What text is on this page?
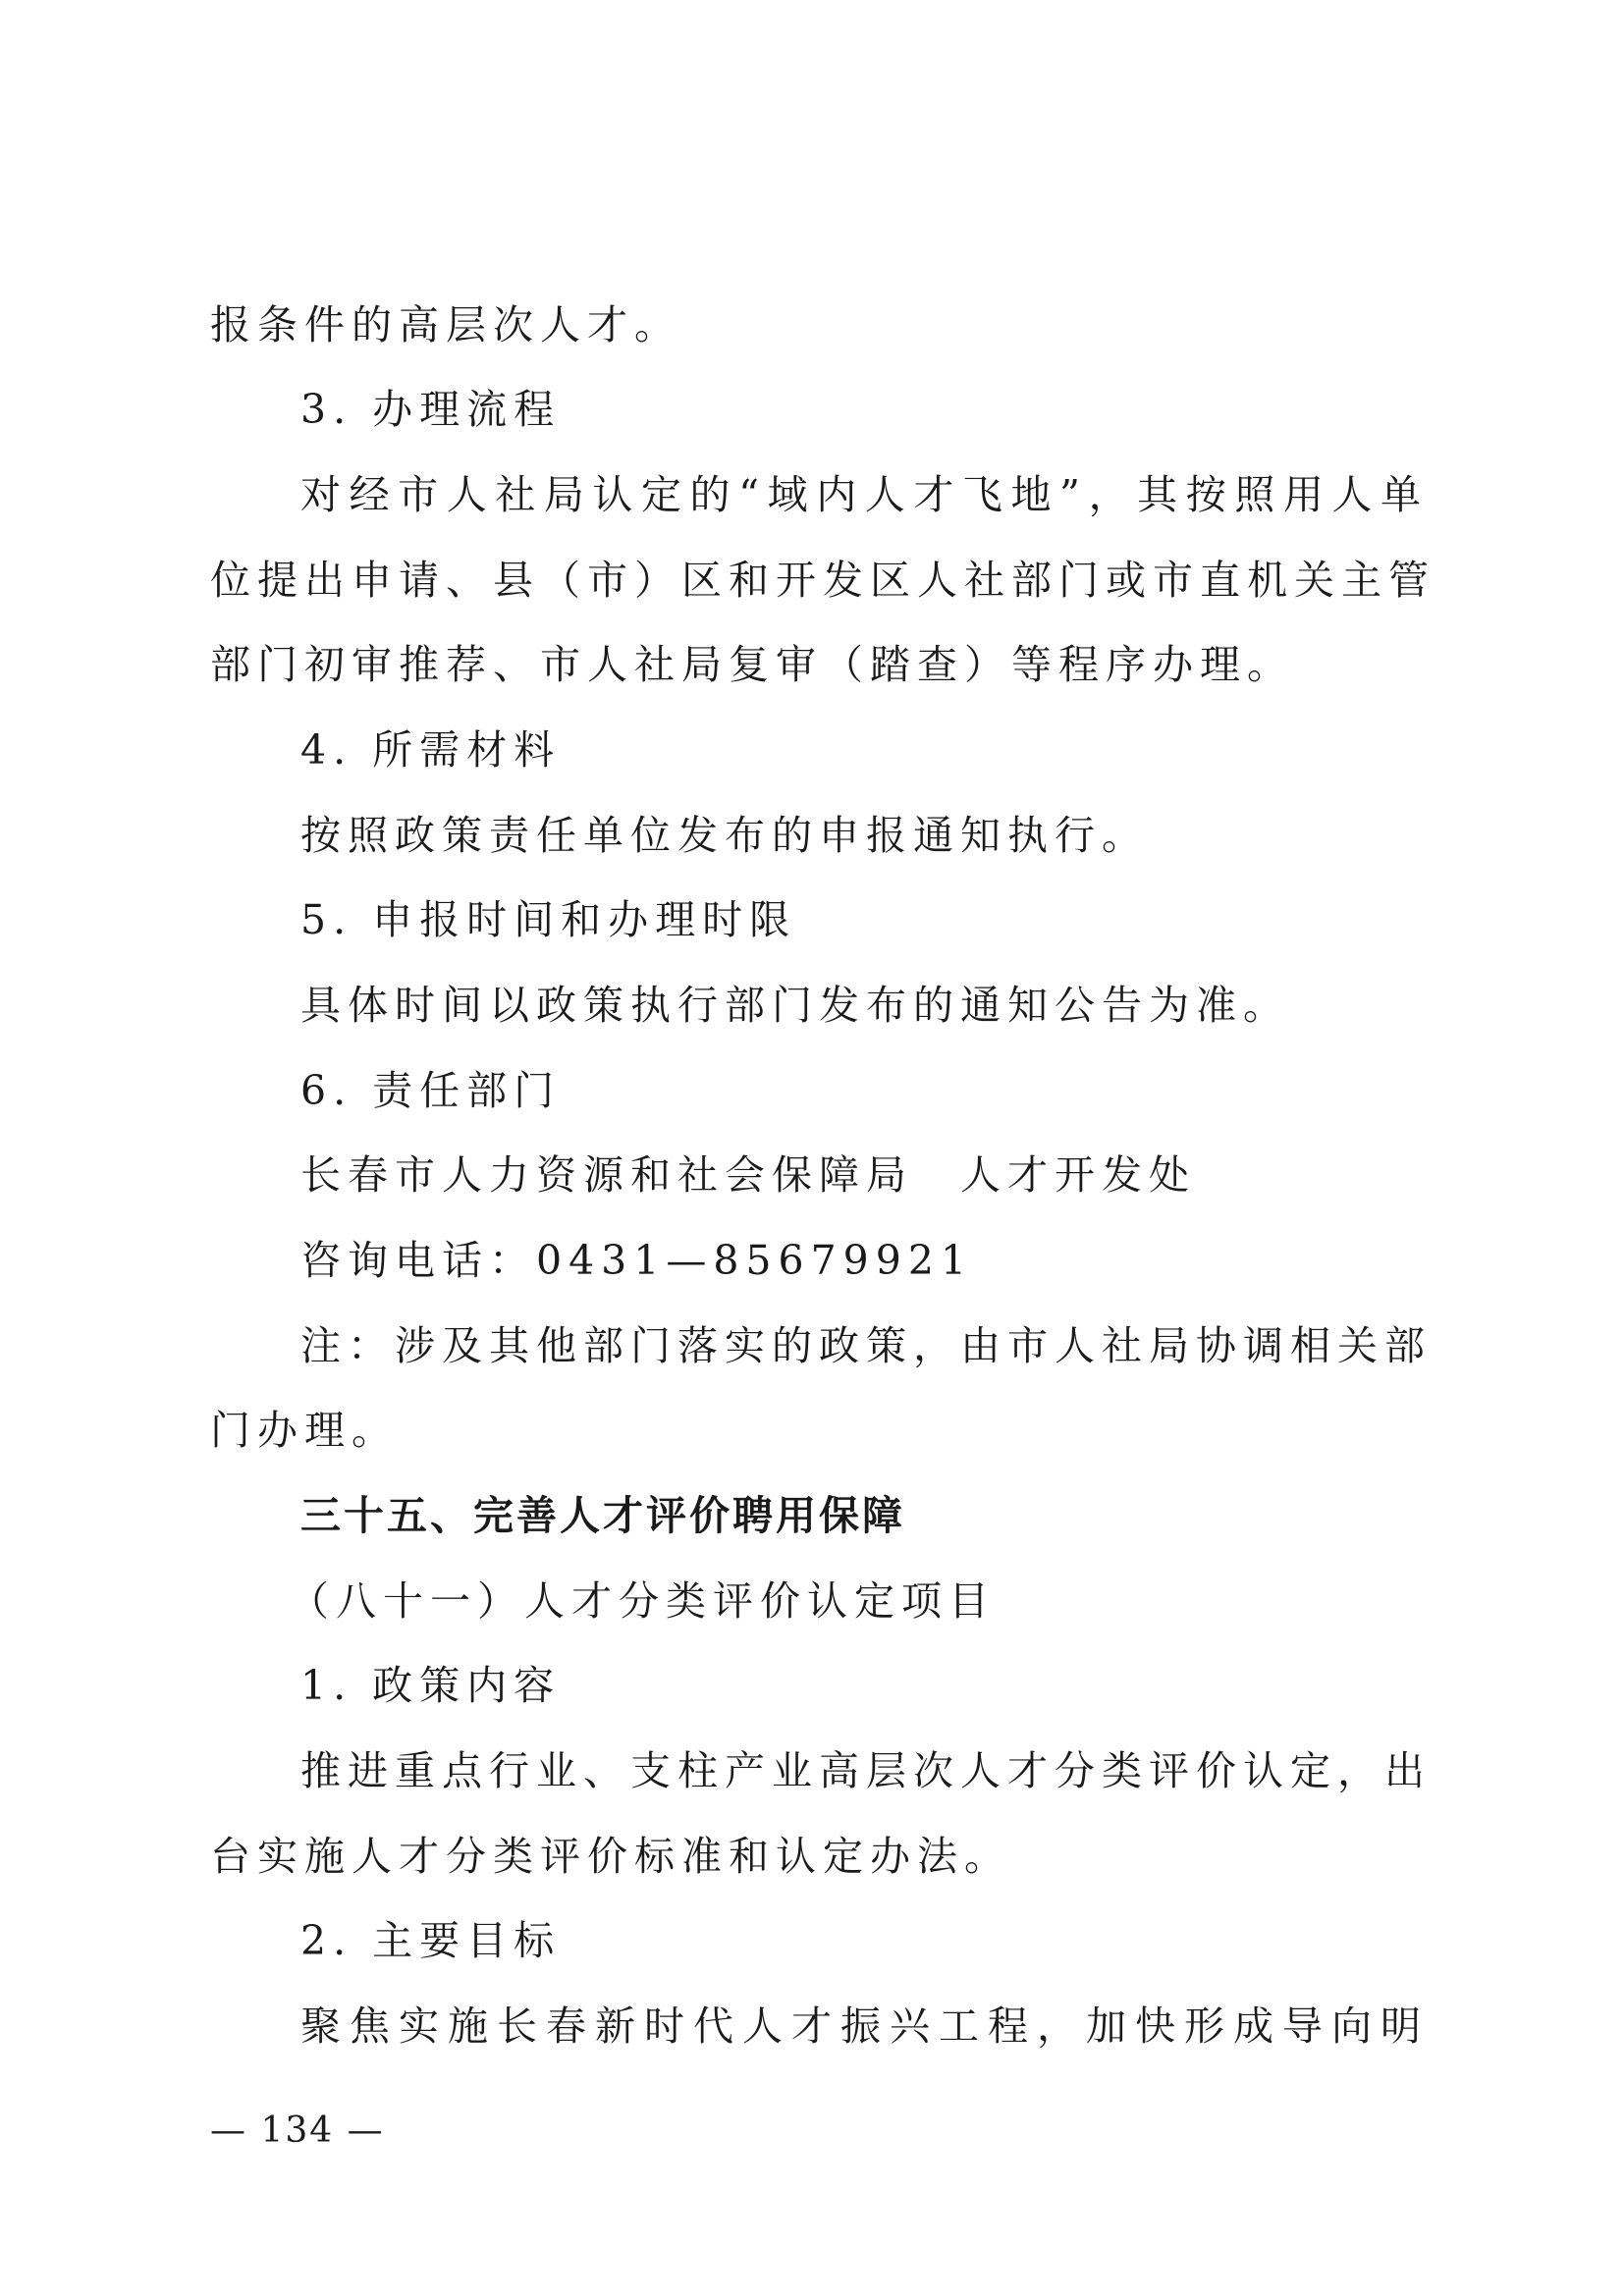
报条件的高层次人才。
3. 办理流程
对经市人社局认定的“域内人才飞地”，其按照用人单
位提出申请、县（市）区和开发区人社部门或市直机关主管
部门初审推荐、市人社局复审（踏查）等程序办理。
4. 所需材料
按照政策责任单位发布的申报通知执行。
5. 申报时间和办理时限
具体时间以政策执行部门发布的通知公告为准。
6. 责任部门
长春市人力资源和社会保障局　人才开发处
咨询电话：0431—85679921
注：涉及其他部门落实的政策，由市人社局协调相关部
门办理。
三十五、完善人才评价聘用保障
（八十一）人才分类评价认定项目
1. 政策内容
推进重点行业、支柱产业高层次人才分类评价认定，出
台实施人才分类评价标准和认定办法。
2. 主要目标
聚焦实施长春新时代人才振兴工程，加快形成导向明
— 134 —
